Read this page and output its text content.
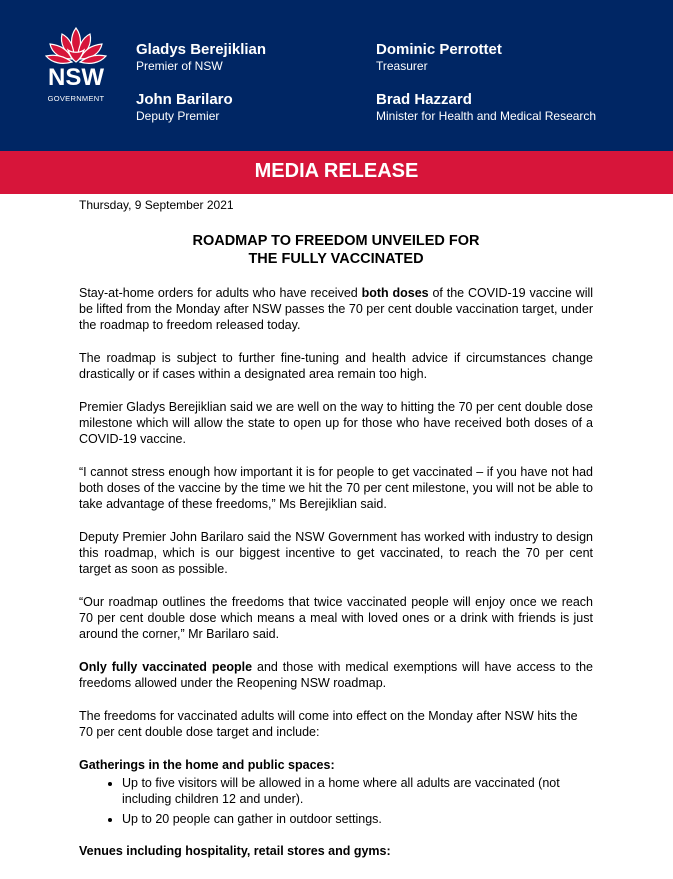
NSW
GOVERNMENT
Gladys Berejiklian
Premier of NSW
John Barilaro
Deputy Premier
Dominic Perrottet
Treasurer
Brad Hazzard
Minister for Health and Medical Research
MEDIA RELEASE
Thursday, 9 September 2021
ROADMAP TO FREEDOM UNVEILED FOR
THE FULLY VACCINATED

Stay-at-home orders for adults who have received both doses of the COVID-19 vaccine will be lifted from the Monday after NSW passes the 70 per cent double vaccination target, under the roadmap to freedom released today.

The roadmap is subject to further fine-tuning and health advice if circumstances change drastically or if cases within a designated area remain too high.

Premier Gladys Berejiklian said we are well on the way to hitting the 70 per cent double dose milestone which will allow the state to open up for those who have received both doses of a COVID-19 vaccine.

“I cannot stress enough how important it is for people to get vaccinated – if you have not had both doses of the vaccine by the time we hit the 70 per cent milestone, you will not be able to take advantage of these freedoms,” Ms Berejiklian said.

Deputy Premier John Barilaro said the NSW Government has worked with industry to design this roadmap, which is our biggest incentive to get vaccinated, to reach the 70 per cent target as soon as possible.

“Our roadmap outlines the freedoms that twice vaccinated people will enjoy once we reach 70 per cent double dose which means a meal with loved ones or a drink with friends is just around the corner,” Mr Barilaro said.

Only fully vaccinated people and those with medical exemptions will have access to the freedoms allowed under the Reopening NSW roadmap.

The freedoms for vaccinated adults will come into effect on the Monday after NSW hits the 70 per cent double dose target and include:

Gatherings in the home and public spaces:
• Up to five visitors will be allowed in a home where all adults are vaccinated (not including children 12 and under).
• Up to 20 people can gather in outdoor settings.
Venues including hospitality, retail stores and gyms:
